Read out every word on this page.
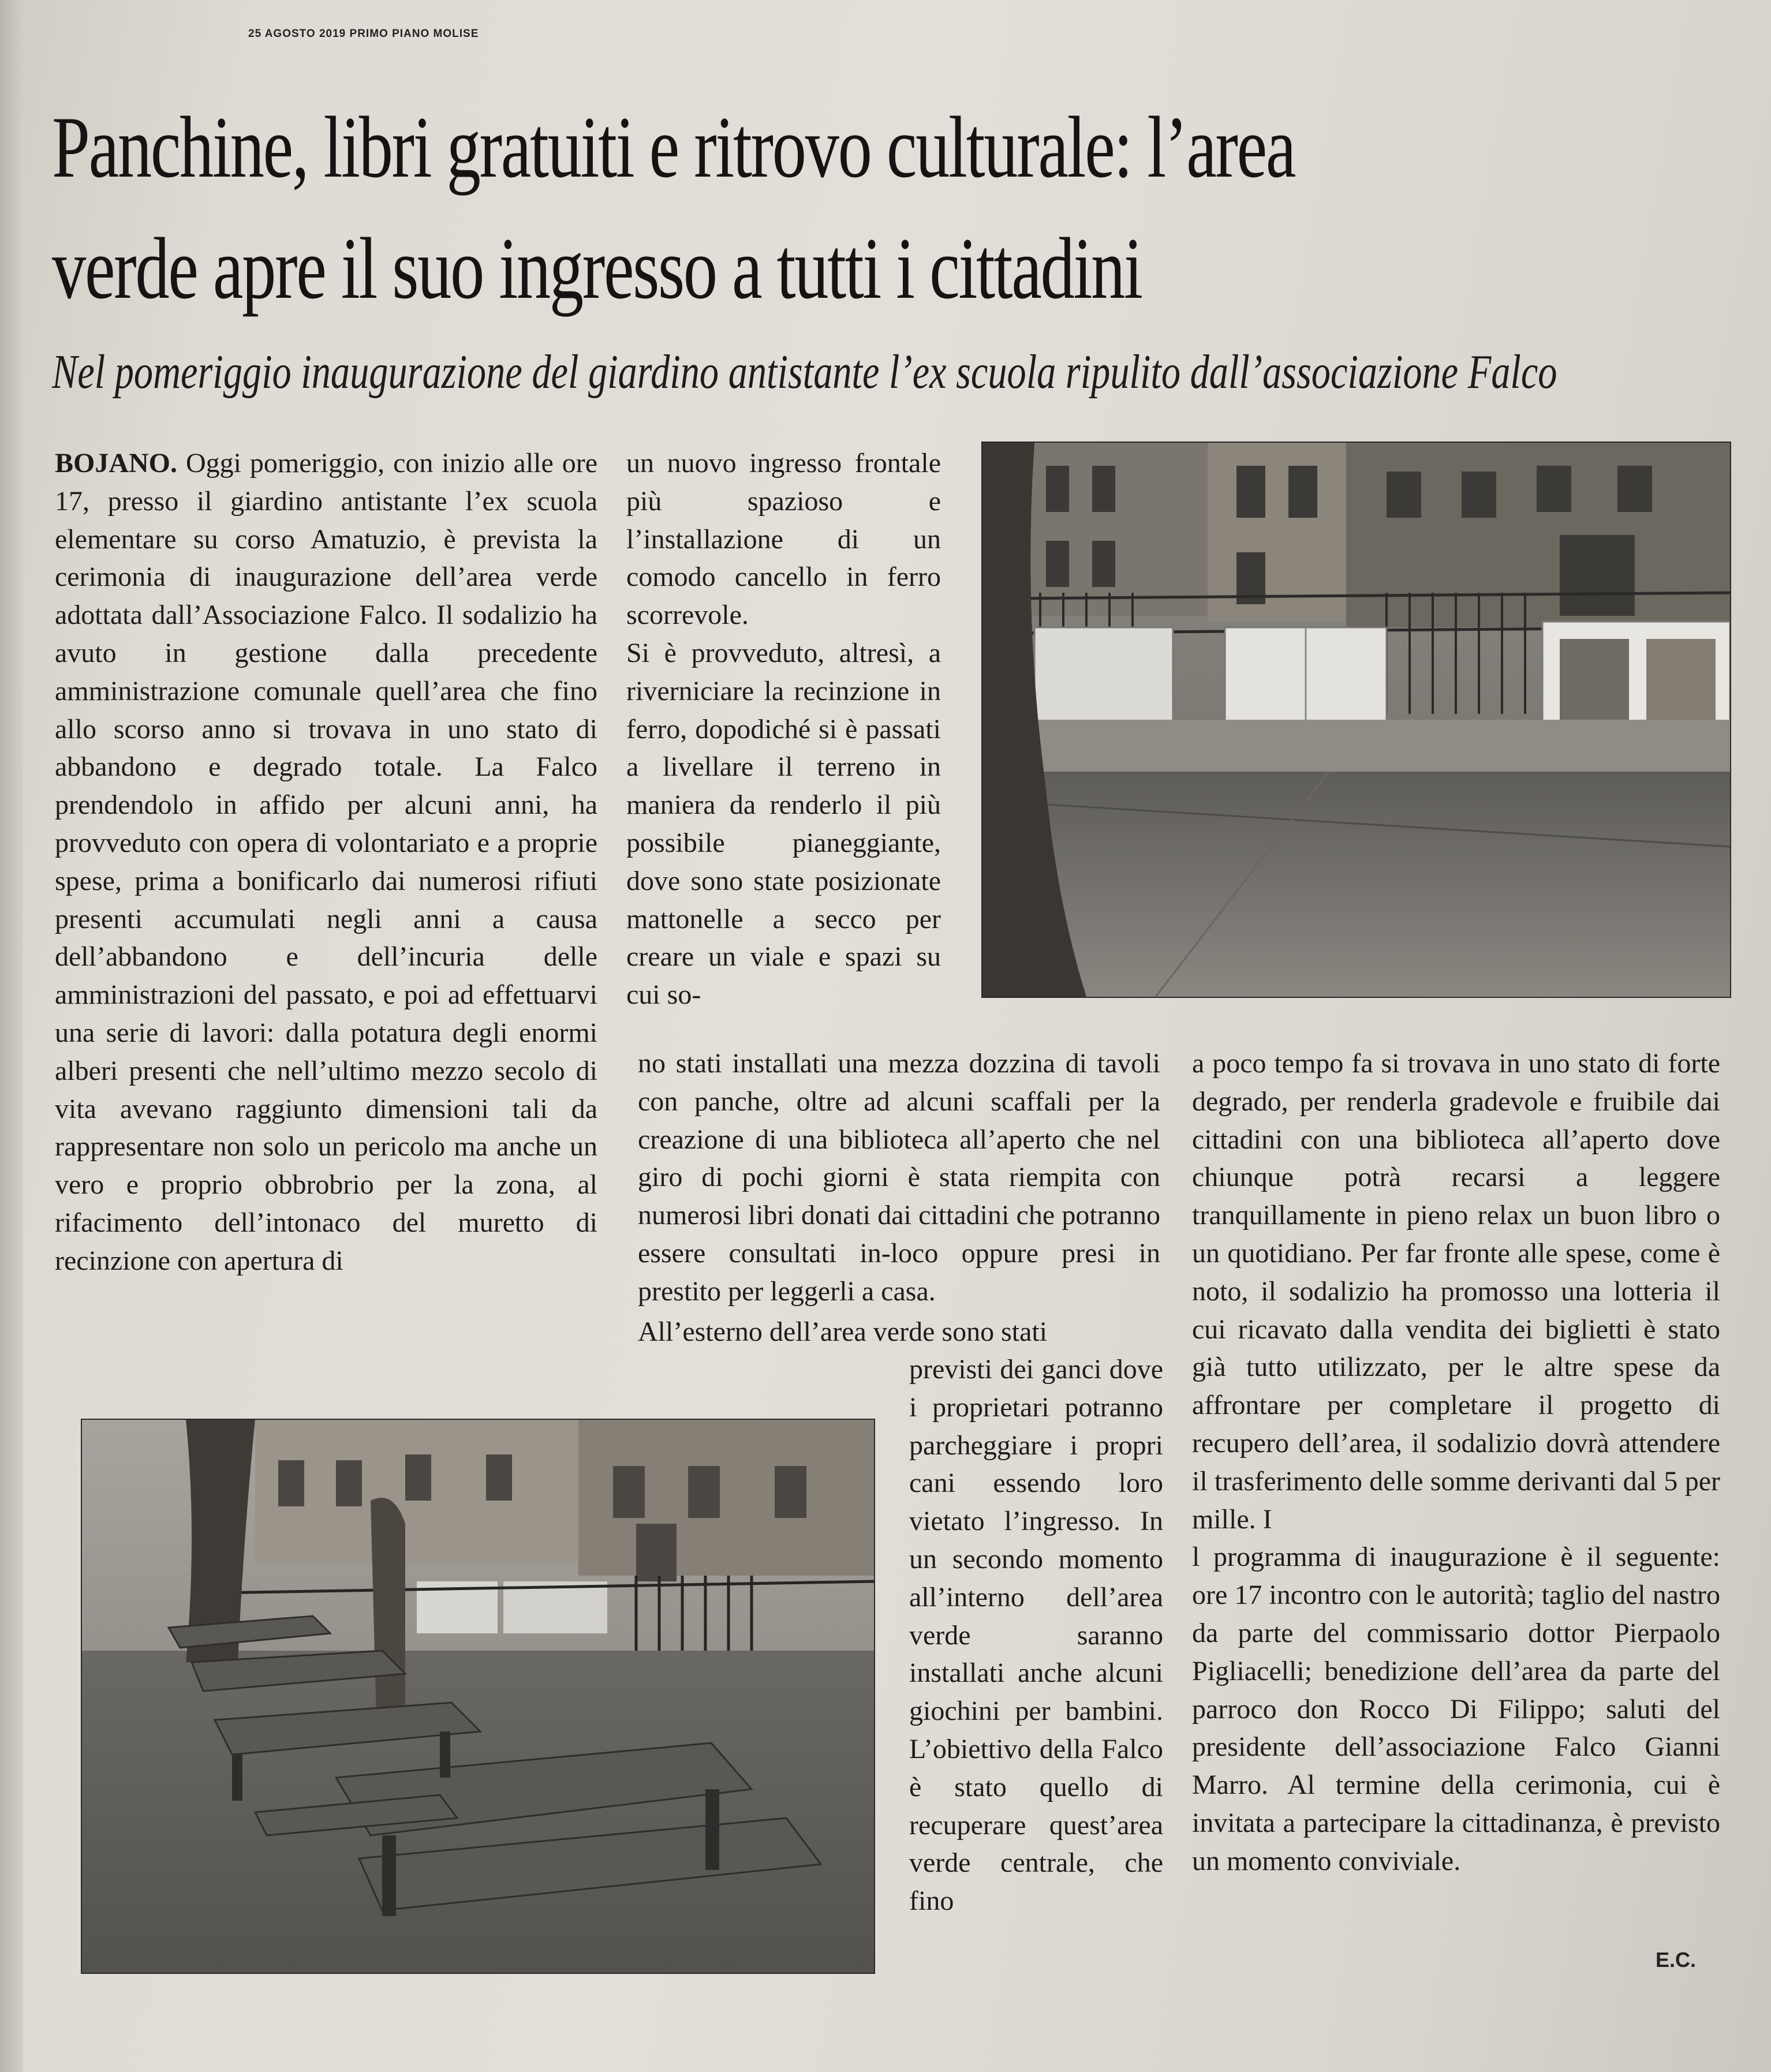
25 AGOSTO 2019 PRIMO PIANO MOLISE
Panchine, libri gratuiti e ritrovo culturale: l’area
verde apre il suo ingresso a tutti i cittadini

Nel pomeriggio inaugurazione del giardino antistante l’ex scuola ripulito dall’associazione Falco

BOJANO. Oggi pomeriggio, con inizio alle ore 17, presso il giardino antistante l’ex scuola elementare su corso Amatuzio, è prevista la cerimonia di inaugurazione dell’area verde adottata dall’Associazione Falco. Il sodalizio ha avuto in gestione dalla precedente amministrazione comunale quell’area che fino allo scorso anno si trovava in uno stato di abbandono e degrado totale. La Falco prendendolo in affido per alcuni anni, ha provveduto con opera di volontariato e a proprie spese, prima a bonificarlo dai numerosi rifiuti presenti accumulati negli anni a causa dell’abbandono e dell’incuria delle amministrazioni del passato, e poi ad effettuarvi una serie di lavori: dalla potatura degli enormi alberi presenti che nell’ultimo mezzo secolo di vita avevano raggiunto dimensioni tali da rappresentare non solo un pericolo ma anche un vero e proprio obbrobrio per la zona, al rifacimento dell’intonaco del muretto di recinzione con apertura di

un nuovo ingresso frontale più spazioso e l’installazione di un comodo cancello in ferro scorrevole.

Si è provveduto, altresì, a riverniciare la recinzione in ferro, dopodiché si è passati a livellare il terreno in maniera da renderlo il più possibile pianeggiante, dove sono state posizionate mattonelle a secco per creare un viale e spazi su cui so-

no stati installati una mezza dozzina di tavoli con panche, oltre ad alcuni scaffali per la creazione di una biblioteca all’aperto che nel giro di pochi giorni è stata riempita con numerosi libri donati dai cittadini che potranno essere consultati in-loco oppure presi in prestito per leggerli a casa.

All’esterno dell’area verde sono stati

previsti dei ganci dove i proprietari potranno parcheggiare i propri cani essendo loro vietato l’ingresso. In un secondo momento all’interno dell’area verde saranno installati anche alcuni giochini per bambini. L’obiettivo della Falco è stato quello di recuperare quest’area verde centrale, che fino

a poco tempo fa si trovava in uno stato di forte degrado, per renderla gradevole e fruibile dai cittadini con una biblioteca all’aperto dove chiunque potrà recarsi a leggere tranquillamente in pieno relax un buon libro o un quotidiano. Per far fronte alle spese, come è noto, il sodalizio ha promosso una lotteria il cui ricavato dalla vendita dei biglietti è stato già tutto utilizzato, per le altre spese da affrontare per completare il progetto di recupero dell’area, il sodalizio dovrà attendere il trasferimento delle somme derivanti dal 5 per mille. I

l programma di inaugurazione è il seguente: ore 17 incontro con le autorità; taglio del nastro da parte del commissario dottor Pierpaolo Pigliacelli; benedizione dell’area da parte del parroco don Rocco Di Filippo; saluti del presidente dell’associazione Falco Gianni Marro. Al termine della cerimonia, cui è invitata a partecipare la cittadinanza, è previsto un momento conviviale.

E.C.
